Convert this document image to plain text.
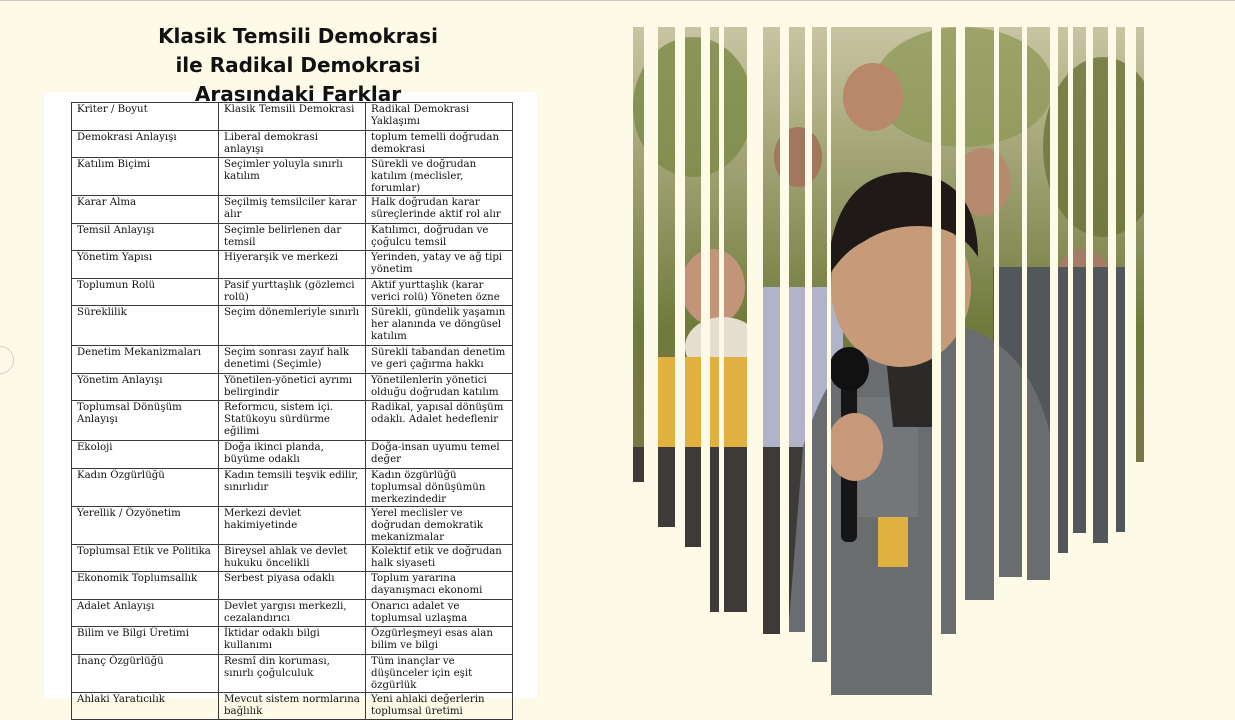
Klasik Temsili Demokrasi ile Radikal Demokrasi Arasındaki Farklar
Kriter / Boyut	Klasik Temsili Demokrasi	Radikal Demokrasi Yaklaşımı
Demokrasi Anlayışı	Liberal demokrasi anlayışı	toplum temelli doğrudan demokrasi
Katılım Biçimi	Seçimler yoluyla sınırlı katılım	Sürekli ve doğrudan katılım (meclisler, forumlar)
Karar Alma	Seçilmiş temsilciler karar alır	Halk doğrudan karar süreçlerinde aktif rol alır
Temsil Anlayışı	Seçimle belirlenen dar temsil	Katılımcı, doğrudan ve çoğulcu temsil
Yönetim Yapısı	Hiyerarşik ve merkezi	Yerinden, yatay ve ağ tipi yönetim
Toplumun Rolü	Pasif yurttaşlık (gözlemci rolü)	Aktif yurttaşlık (karar verici rolü) Yöneten özne
Süreklilik	Seçim dönemleriyle sınırlı	Sürekli, gündelik yaşamın her alanında ve döngüsel katılım
Denetim Mekanizmaları	Seçim sonrası zayıf halk denetimi (Seçimle)	Sürekli tabandan denetim ve geri çağırma hakkı
Yönetim Anlayışı	Yönetilen-yönetici ayrımı belirgindir	Yönetilenlerin yönetici olduğu doğrudan katılım
Toplumsal Dönüşüm Anlayışı	Reformcu, sistem içi. Statükoyu sürdürme eğilimi	Radikal, yapısal dönüşüm odaklı. Adalet hedeflenir
Ekoloji	Doğa ikinci planda, büyüme odaklı	Doğa-insan uyumu temel değer
Kadın Özgürlüğü	Kadın temsili teşvik edilir, sınırlıdır	Kadın özgürlüğü toplumsal dönüşümün merkezindedir
Yerellik / Özyönetim	Merkezi devlet hakimiyetinde	Yerel meclisler ve doğrudan demokratik mekanizmalar
Toplumsal Etik ve Politika	Bireysel ahlak ve devlet hukuku öncelikli	Kolektif etik ve doğrudan halk siyaseti
Ekonomik Toplumsallık	Serbest piyasa odaklı	Toplum yararına dayanışmacı ekonomi
Adalet Anlayışı	Devlet yargısı merkezli, cezalandırıcı	Onarıcı adalet ve toplumsal uzlaşma
Bilim ve Bilgi Üretimi	İktidar odaklı bilgi kullanımı	Özgürleşmeyi esas alan bilim ve bilgi
İnanç Özgürlüğü	Resmî din koruması, sınırlı çoğulculuk	Tüm inançlar ve düşünceler için eşit özgürlük
Ahlaki Yaratıcılık	Mevcut sistem normlarına bağlılık	Yeni ahlaki değerlerin toplumsal üretimi
